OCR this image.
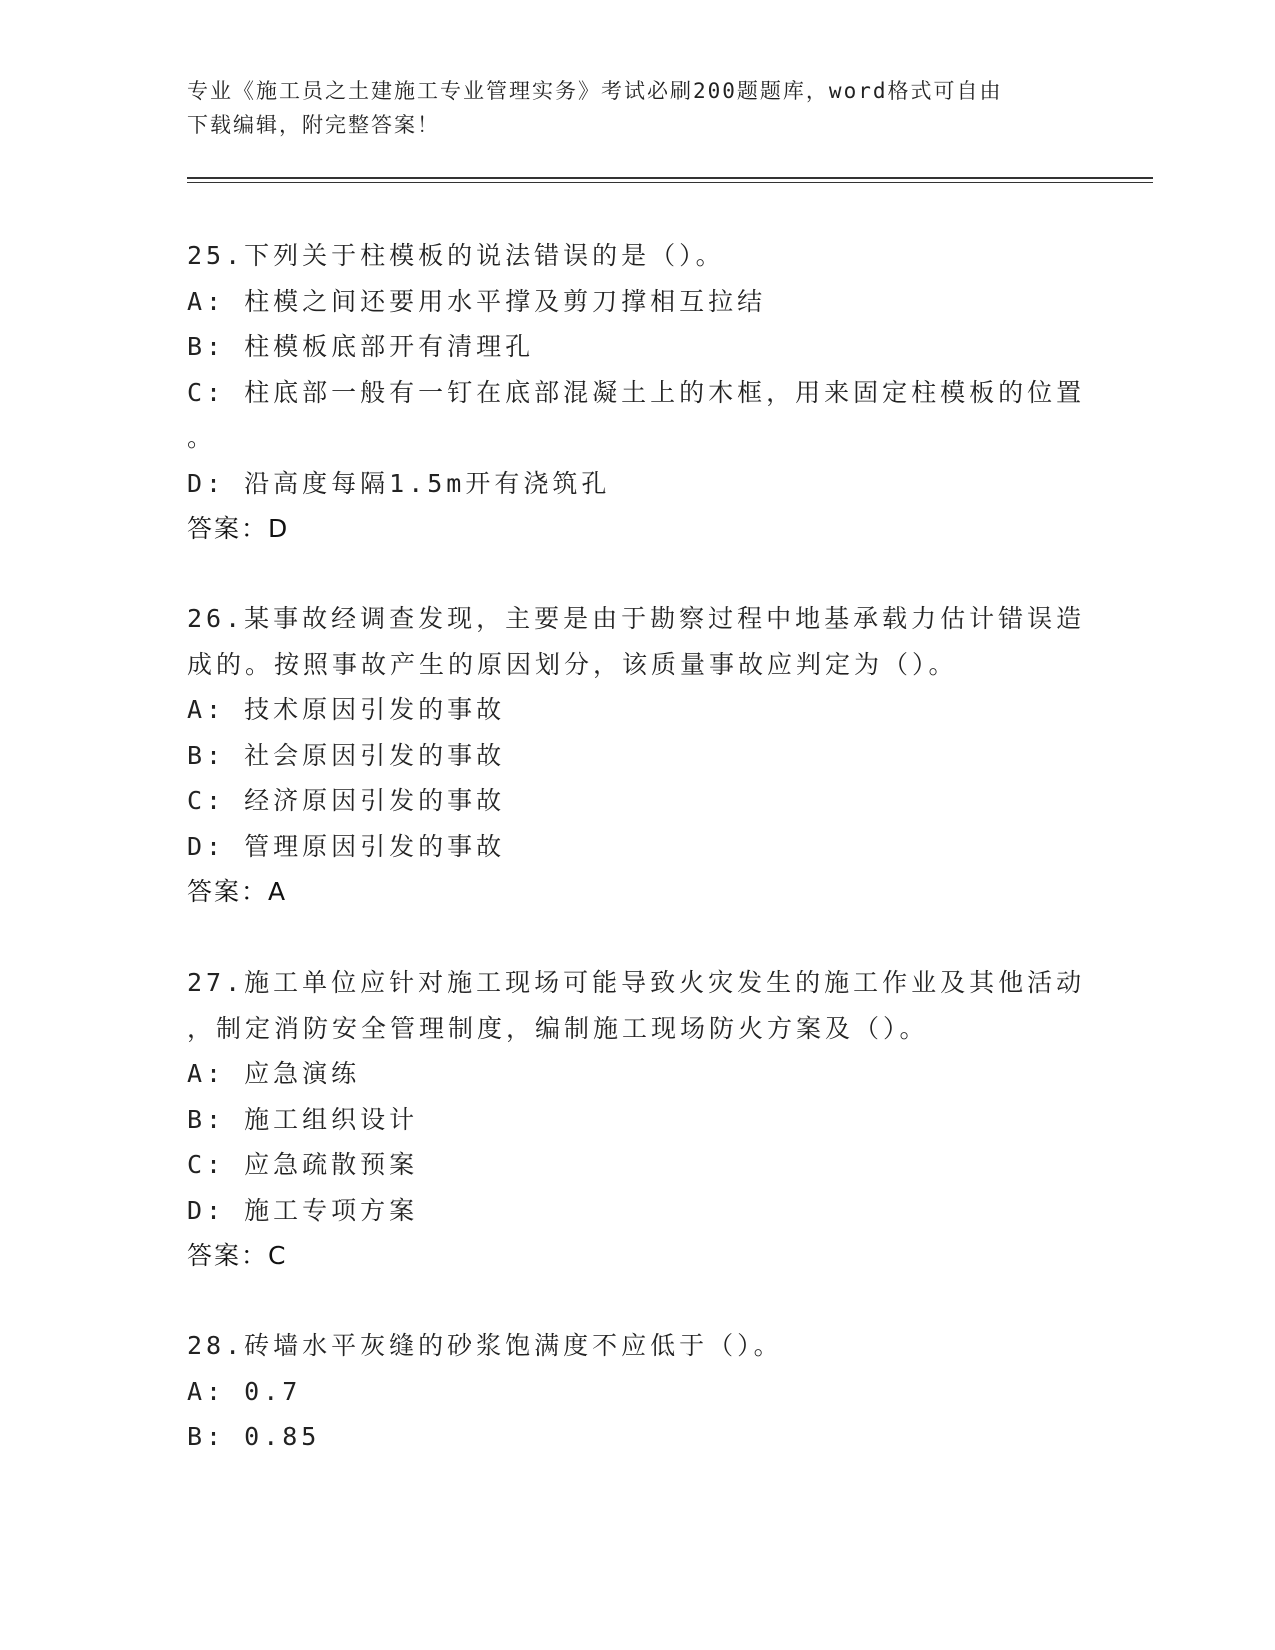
专业《施工员之土建施工专业管理实务》考试必刷200题题库，word格式可自由
下载编辑，附完整答案！
25.下列关于柱模板的说法错误的是（）。
A: 柱模之间还要用水平撑及剪刀撑相互拉结
B: 柱模板底部开有清理孔
C: 柱底部一般有一钉在底部混凝土上的木框，用来固定柱模板的位置
。
D: 沿高度每隔1.5m开有浇筑孔
答案：D
26.某事故经调查发现，主要是由于勘察过程中地基承载力估计错误造
成的。按照事故产生的原因划分，该质量事故应判定为（）。
A: 技术原因引发的事故
B: 社会原因引发的事故
C: 经济原因引发的事故
D: 管理原因引发的事故
答案：A
27.施工单位应针对施工现场可能导致火灾发生的施工作业及其他活动
，制定消防安全管理制度，编制施工现场防火方案及（）。
A: 应急演练
B: 施工组织设计
C: 应急疏散预案
D: 施工专项方案
答案：C
28.砖墙水平灰缝的砂浆饱满度不应低于（）。
A: 0.7
B: 0.85
